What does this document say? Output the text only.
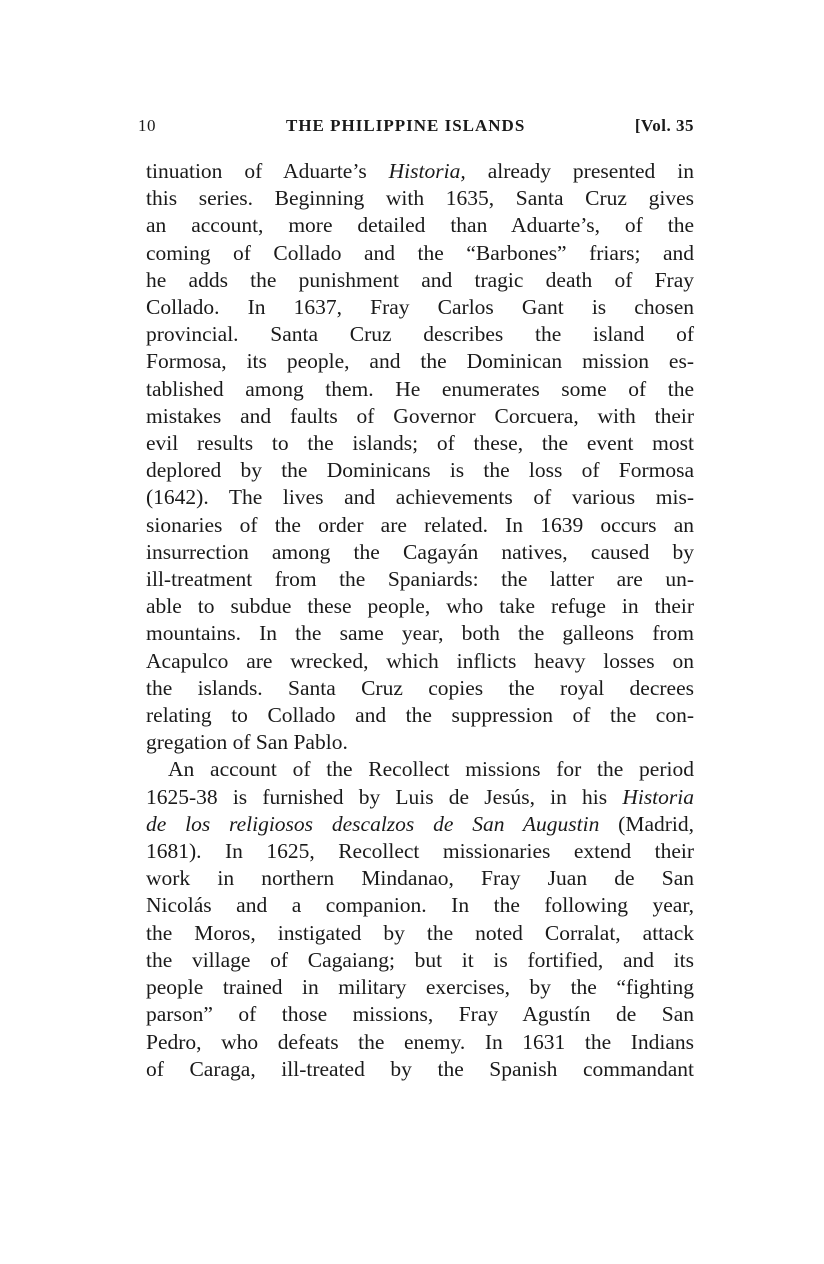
10	THE PHILIPPINE ISLANDS	[Vol. 35
tinuation of Aduarte’s Historia, already presented in
this series. Beginning with 1635, Santa Cruz gives
an account, more detailed than Aduarte’s, of the
coming of Collado and the “Barbones” friars; and
he adds the punishment and tragic death of Fray
Collado. In 1637, Fray Carlos Gant is chosen
provincial. Santa Cruz describes the island of
Formosa, its people, and the Dominican mission es-
tablished among them. He enumerates some of the
mistakes and faults of Governor Corcuera, with their
evil results to the islands; of these, the event most
deplored by the Dominicans is the loss of Formosa
(1642). The lives and achievements of various mis-
sionaries of the order are related. In 1639 occurs an
insurrection among the Cagayán natives, caused by
ill-treatment from the Spaniards: the latter are un-
able to subdue these people, who take refuge in their
mountains. In the same year, both the galleons from
Acapulco are wrecked, which inflicts heavy losses on
the islands. Santa Cruz copies the royal decrees
relating to Collado and the suppression of the con-
gregation of San Pablo.
An account of the Recollect missions for the period
1625-38 is furnished by Luis de Jesús, in his Historia
de los religiosos descalzos de San Augustin (Madrid,
1681). In 1625, Recollect missionaries extend their
work in northern Mindanao, Fray Juan de San
Nicolás and a companion. In the following year,
the Moros, instigated by the noted Corralat, attack
the village of Cagaiang; but it is fortified, and its
people trained in military exercises, by the “fighting
parson” of those missions, Fray Agustín de San
Pedro, who defeats the enemy. In 1631 the Indians
of Caraga, ill-treated by the Spanish commandant
